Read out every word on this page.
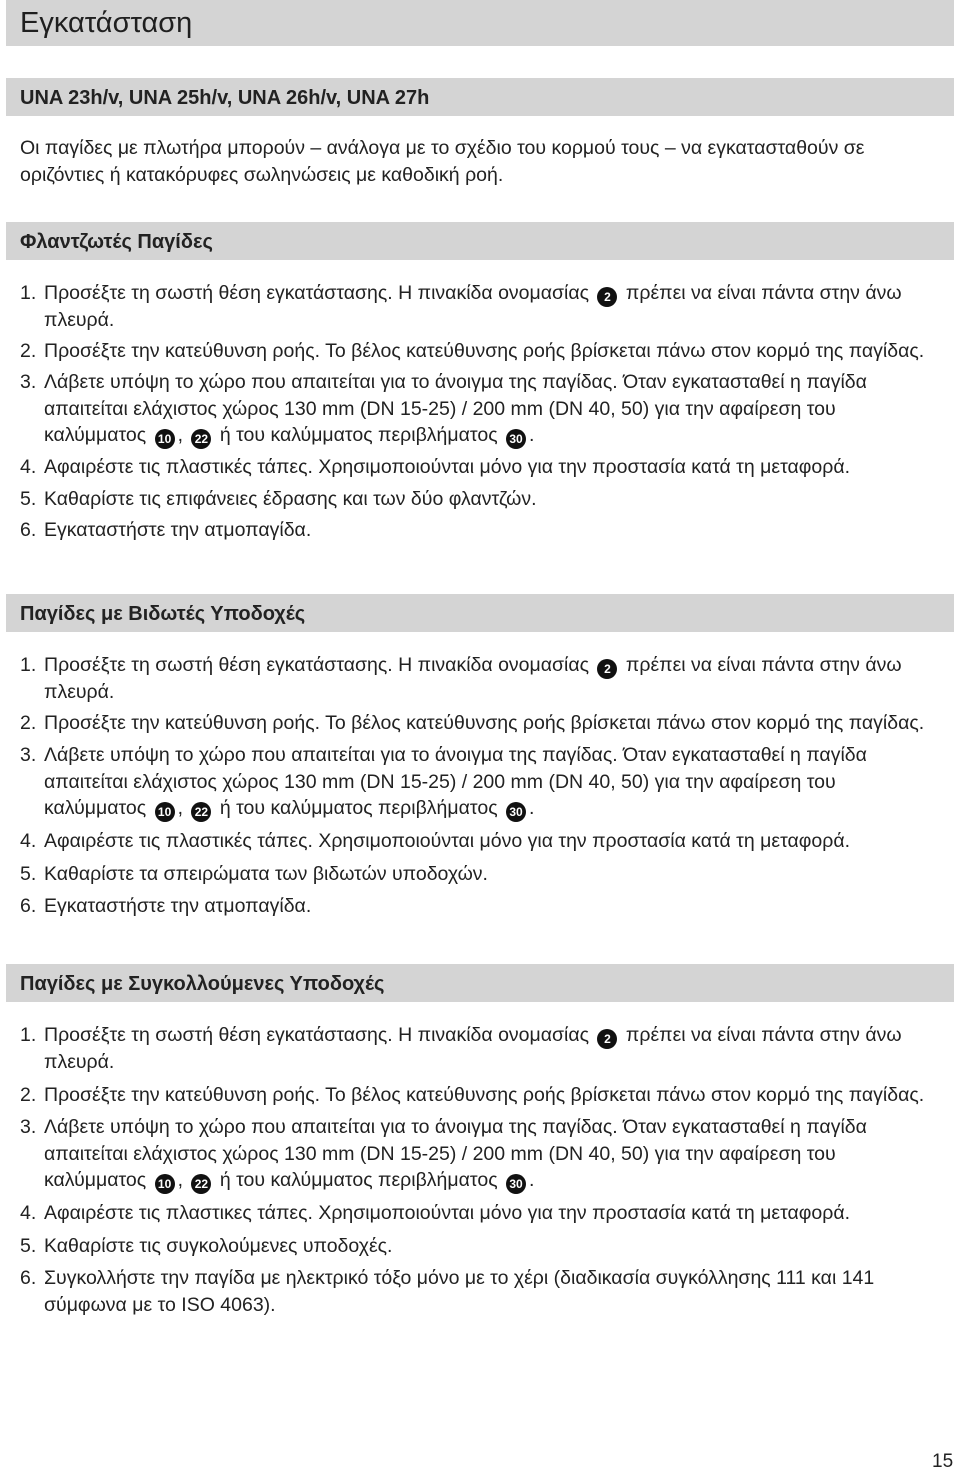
Εγκατάσταση
UNA 23h/v, UNA 25h/v, UNA 26h/v, UNA 27h
Οι παγίδες με πλωτήρα μπορούν – ανάλογα με το σχέδιο του κορμού τους – να εγκατασταθούν σε οριζόντιες ή κατακόρυφες σωληνώσεις με καθοδική ροή.
Φλαντζωτές Παγίδες
1. Προσέξτε τη σωστή θέση εγκατάστασης. Η πινακίδα ονομασίας 2 πρέπει να είναι πάντα στην άνω πλευρά.
2. Προσέξτε την κατεύθυνση ροής. Το βέλος κατεύθυνσης ροής βρίσκεται πάνω στον κορμό της παγίδας.
3. Λάβετε υπόψη το χώρο που απαιτείται για το άνοιγμα της παγίδας. Όταν εγκατασταθεί η παγίδα απαιτείται ελάχιστος χώρος 130 mm (DN 15-25) / 200 mm (DN 40, 50) για την αφαίρεση του καλύμματος 10 , 22 ή του καλύμματος περιβλήματος 30 .
4. Αφαιρέστε τις πλαστικές τάπες. Χρησιμοποιούνται μόνο για την προστασία κατά τη μεταφορά.
5. Καθαρίστε τις επιφάνειες έδρασης και των δύο φλαντζών.
6. Εγκαταστήστε την ατμοπαγίδα.
Παγίδες με Βιδωτές Υποδοχές
1. Προσέξτε τη σωστή θέση εγκατάστασης. Η πινακίδα ονομασίας 2 πρέπει να είναι πάντα στην άνω πλευρά.
2. Προσέξτε την κατεύθυνση ροής. Το βέλος κατεύθυνσης ροής βρίσκεται πάνω στον κορμό της παγίδας.
3. Λάβετε υπόψη το χώρο που απαιτείται για το άνοιγμα της παγίδας. Όταν εγκατασταθεί η παγίδα απαιτείται ελάχιστος χώρος 130 mm (DN 15-25) / 200 mm (DN 40, 50) για την αφαίρεση του καλύμματος 10 , 22 ή του καλύμματος περιβλήματος 30 .
4. Αφαιρέστε τις πλαστικές τάπες. Χρησιμοποιούνται μόνο για την προστασία κατά τη μεταφορά.
5. Καθαρίστε τα σπειρώματα των βιδωτών υποδοχών.
6. Εγκαταστήστε την ατμοπαγίδα.
Παγίδες με Συγκολλούμενες Υποδοχές
1. Προσέξτε τη σωστή θέση εγκατάστασης. Η πινακίδα ονομασίας 2 πρέπει να είναι πάντα στην άνω πλευρά.
2. Προσέξτε την κατεύθυνση ροής. Το βέλος κατεύθυνσης ροής βρίσκεται πάνω στον κορμό της παγίδας.
3. Λάβετε υπόψη το χώρο που απαιτείται για το άνοιγμα της παγίδας. Όταν εγκατασταθεί η παγίδα απαιτείται ελάχιστος χώρος 130 mm (DN 15-25) / 200 mm (DN 40, 50) για την αφαίρεση του καλύμματος 10 , 22 ή του καλύμματος περιβλήματος 30 .
4. Αφαιρέστε τις πλαστικες τάπες. Χρησιμοποιούνται μόνο για την προστασία κατά τη μεταφορά.
5. Καθαρίστε τις συγκολούμενες υποδοχές.
6. Συγκολλήστε την παγίδα με ηλεκτρικό τόξο μόνο με το χέρι (διαδικασία συγκόλλησης 111 και 141 σύμφωνα με το ISO 4063).
15
